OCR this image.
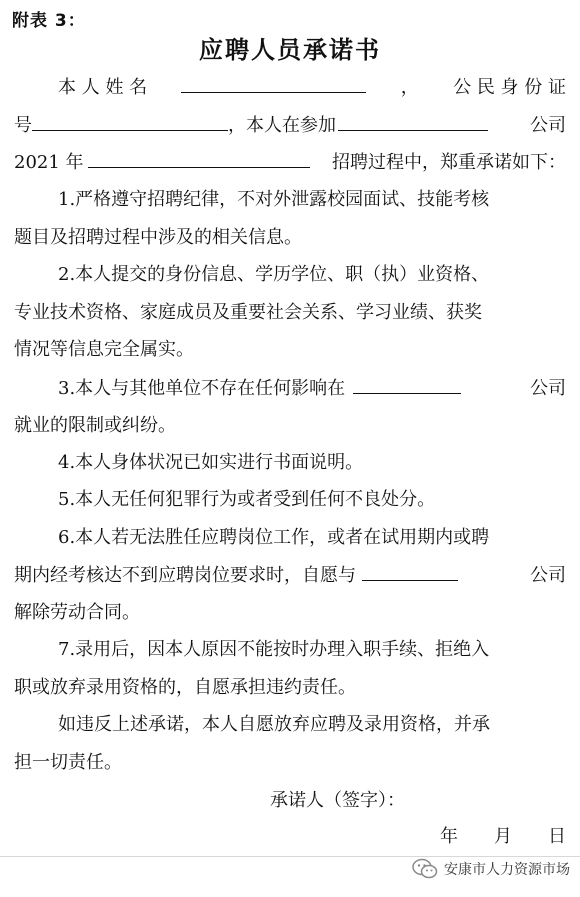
附表 3：
应聘人员承诺书
本 人 姓 名	， 公 民 身 份 证
号	，本人在参加	公司
2021 年	招聘过程中，郑重承诺如下：
1.严格遵守招聘纪律，不对外泄露校园面试、技能考核
题目及招聘过程中涉及的相关信息。
2.本人提交的身份信息、学历学位、职（执）业资格、
专业技术资格、家庭成员及重要社会关系、学习业绩、获奖
情况等信息完全属实。
3.本人与其他单位不存在任何影响在	公司
就业的限制或纠纷。
4.本人身体状况已如实进行书面说明。
5.本人无任何犯罪行为或者受到任何不良处分。
6.本人若无法胜任应聘岗位工作，或者在试用期内或聘
期内经考核达不到应聘岗位要求时，自愿与	公司
解除劳动合同。
7.录用后，因本人原因不能按时办理入职手续、拒绝入
职或放弃录用资格的，自愿承担违约责任。
如违反上述承诺，本人自愿放弃应聘及录用资格，并承
担一切责任。
承诺人（签字）：
年 月 日
安康市人力资源市场
